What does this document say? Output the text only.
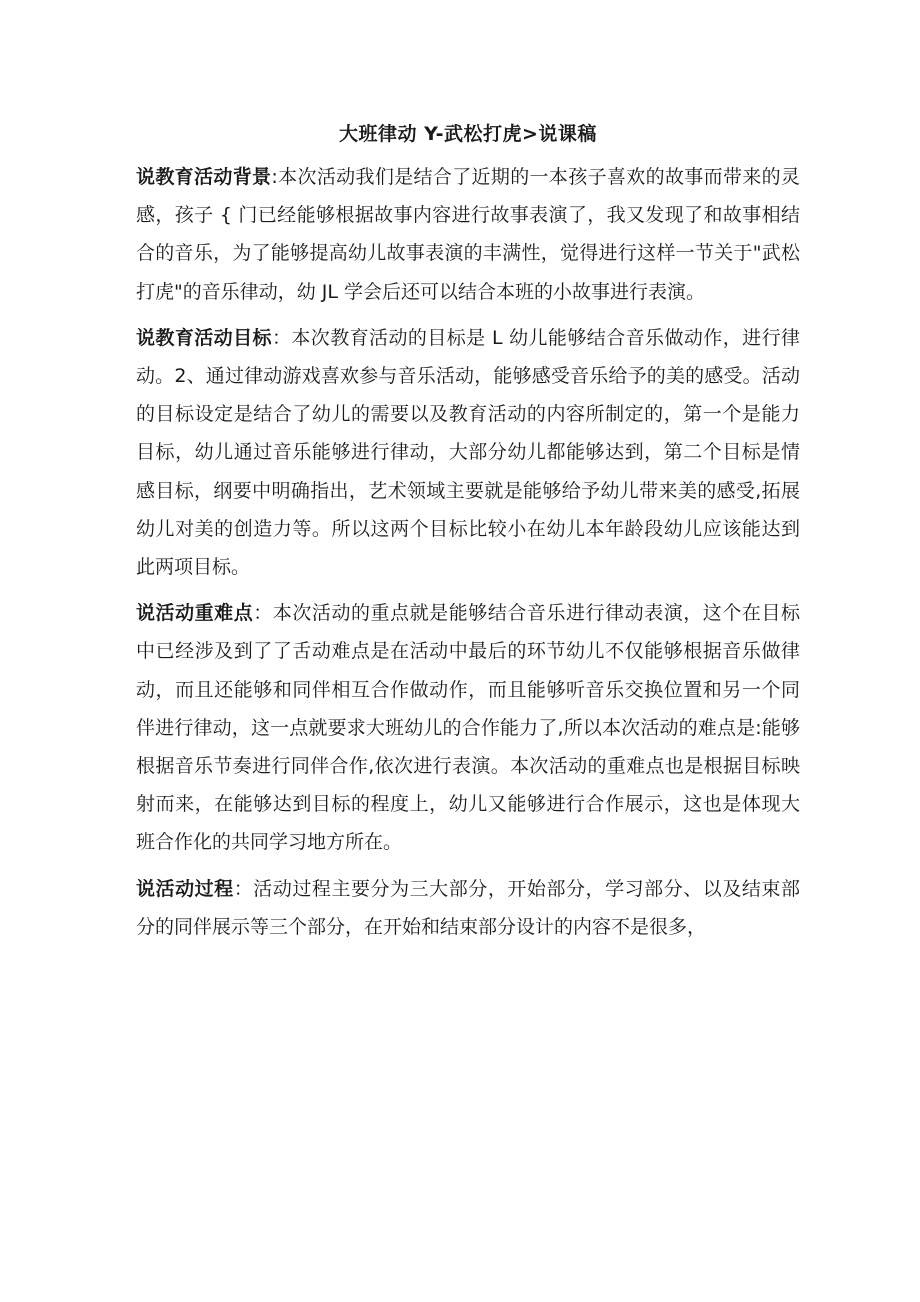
大班律动 Y-武松打虎>说课稿

说教育活动背景:本次活动我们是结合了近期的一本孩子喜欢的故事而带来的灵感，孩子 { 门已经能够根据故事内容进行故事表演了，我又发现了和故事相结合的音乐，为了能够提高幼儿故事表演的丰满性，觉得进行这样一节关于"武松打虎"的音乐律动，幼 JL 学会后还可以结合本班的小故事进行表演。

说教育活动目标：本次教育活动的目标是 L 幼儿能够结合音乐做动作，进行律动。2、通过律动游戏喜欢参与音乐活动，能够感受音乐给予的美的感受。活动的目标设定是结合了幼儿的需要以及教育活动的内容所制定的，第一个是能力目标，幼儿通过音乐能够进行律动，大部分幼儿都能够达到，第二个目标是情感目标，纲要中明确指出，艺术领域主要就是能够给予幼儿带来美的感受,拓展幼儿对美的创造力等。所以这两个目标比较小在幼儿本年龄段幼儿应该能达到此两项目标。

说活动重难点：本次活动的重点就是能够结合音乐进行律动表演，这个在目标中已经涉及到了了舌动难点是在活动中最后的环节幼儿不仅能够根据音乐做律动，而且还能够和同伴相互合作做动作，而且能够听音乐交换位置和另一个同伴进行律动，这一点就要求大班幼儿的合作能力了,所以本次活动的难点是:能够根据音乐节奏进行同伴合作,依次进行表演。本次活动的重难点也是根据目标映射而来，在能够达到目标的程度上，幼儿又能够进行合作展示，这也是体现大班合作化的共同学习地方所在。

说活动过程：活动过程主要分为三大部分，开始部分，学习部分、以及结束部分的同伴展示等三个部分，在开始和结束部分设计的内容不是很多，
